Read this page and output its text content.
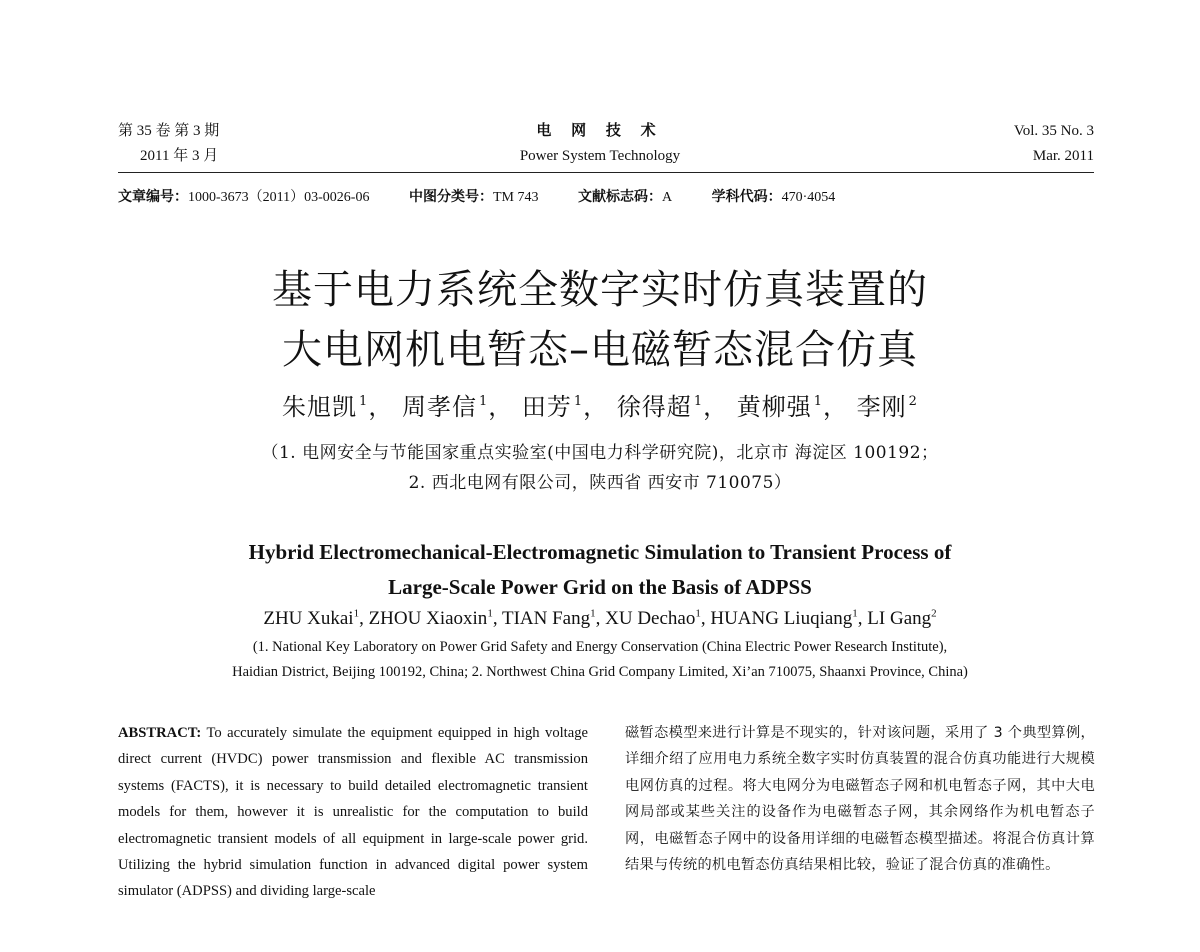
第 35 卷 第 3 期
2011 年 3 月
电 网 技 术
Power System Technology
Vol. 35 No. 3
Mar. 2011
文章编号：1000-3673（2011）03-0026-06	中图分类号：TM 743	文献标志码：A	学科代码：470·4054
基于电力系统全数字实时仿真装置的
大电网机电暂态–电磁暂态混合仿真
朱旭凯 $^1$， 周孝信 $^1$， 田芳 $^1$， 徐得超 $^1$， 黄柳强 $^1$， 李刚 $^2$
（1. 电网安全与节能国家重点实验室(中国电力科学研究院)，北京市 海淀区 100192；
2. 西北电网有限公司，陕西省 西安市 710075）
Hybrid Electromechanical-Electromagnetic Simulation to Transient Process of
Large-Scale Power Grid on the Basis of ADPSS
ZHU Xukai$^1$, ZHOU Xiaoxin$^1$, TIAN Fang$^1$, XU Dechao$^1$, HUANG Liuqiang$^1$, LI Gang$^2$
(1. National Key Laboratory on Power Grid Safety and Energy Conservation (China Electric Power Research Institute),
Haidian District, Beijing 100192, China; 2. Northwest China Grid Company Limited, Xi’an 710075, Shaanxi Province, China)
ABSTRACT: To accurately simulate the equipment equipped in high voltage direct current (HVDC) power transmission and flexible AC transmission systems (FACTS), it is necessary to build detailed electromagnetic transient models for them, however it is unrealistic for the computation to build electromagnetic transient models of all equipment in large-scale power grid. Utilizing the hybrid simulation function in advanced digital power system simulator (ADPSS) and dividing large-scale
磁暂态模型来进行计算是不现实的，针对该问题，采用了 3 个典型算例，详细介绍了应用电力系统全数字实时仿真装置的混合仿真功能进行大规模电网仿真的过程。将大电网分为电磁暂态子网和机电暂态子网，其中大电网局部或某些关注的设备作为电磁暂态子网，其余网络作为机电暂态子网，电磁暂态子网中的设备用详细的电磁暂态模型描述。将混合仿真计算结果与传统的机电暂态仿真结果相比较，验证了混合仿真的准确性。
